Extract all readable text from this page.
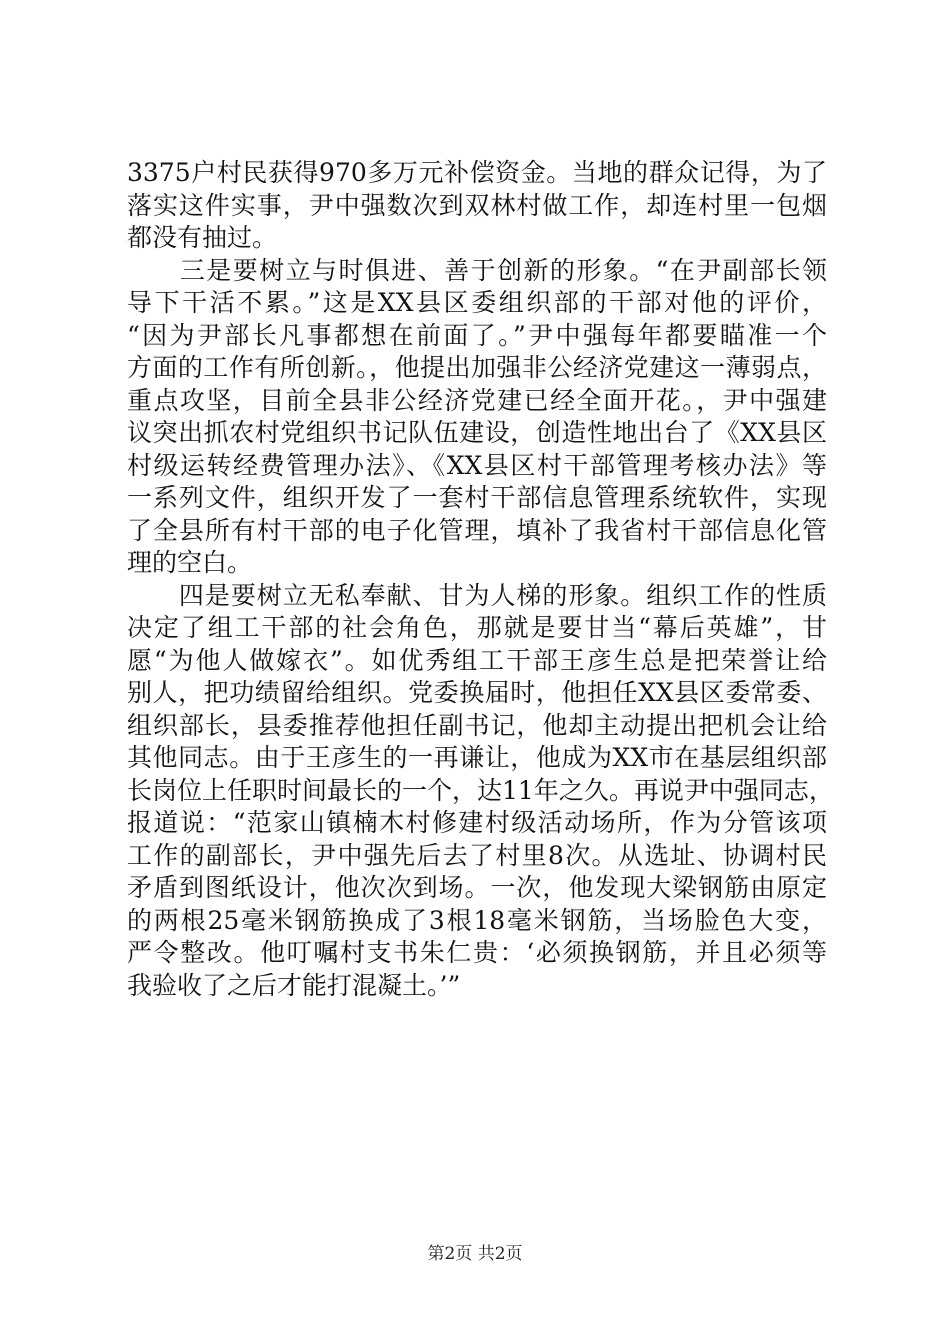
3375户村民获得970多万元补偿资金。当地的群众记得，为了
落实这件实事，尹中强数次到双林村做工作，却连村里一包烟
都没有抽过。
　　三是要树立与时俱进、善于创新的形象。“在尹副部长领
导下干活不累。”这是XX县区委组织部的干部对他的评价，
“因为尹部长凡事都想在前面了。”尹中强每年都要瞄准一个
方面的工作有所创新。，他提出加强非公经济党建这一薄弱点，
重点攻坚，目前全县非公经济党建已经全面开花。，尹中强建
议突出抓农村党组织书记队伍建设，创造性地出台了《XX县区
村级运转经费管理办法》、《XX县区村干部管理考核办法》等
一系列文件，组织开发了一套村干部信息管理系统软件，实现
了全县所有村干部的电子化管理，填补了我省村干部信息化管
理的空白。
　　四是要树立无私奉献、甘为人梯的形象。组织工作的性质
决定了组工干部的社会角色，那就是要甘当“幕后英雄”，甘
愿“为他人做嫁衣”。如优秀组工干部王彦生总是把荣誉让给
别人，把功绩留给组织。党委换届时，他担任XX县区委常委、
组织部长，县委推荐他担任副书记，他却主动提出把机会让给
其他同志。由于王彦生的一再谦让，他成为XX市在基层组织部
长岗位上任职时间最长的一个，达11年之久。再说尹中强同志，
报道说：“范家山镇楠木村修建村级活动场所，作为分管该项
工作的副部长，尹中强先后去了村里8次。从选址、协调村民
矛盾到图纸设计，他次次到场。一次，他发现大梁钢筋由原定
的两根25毫米钢筋换成了3根18毫米钢筋，当场脸色大变，
严令整改。他叮嘱村支书朱仁贵：‘必须换钢筋，并且必须等
我验收了之后才能打混凝土。’”
第2页 共2页
